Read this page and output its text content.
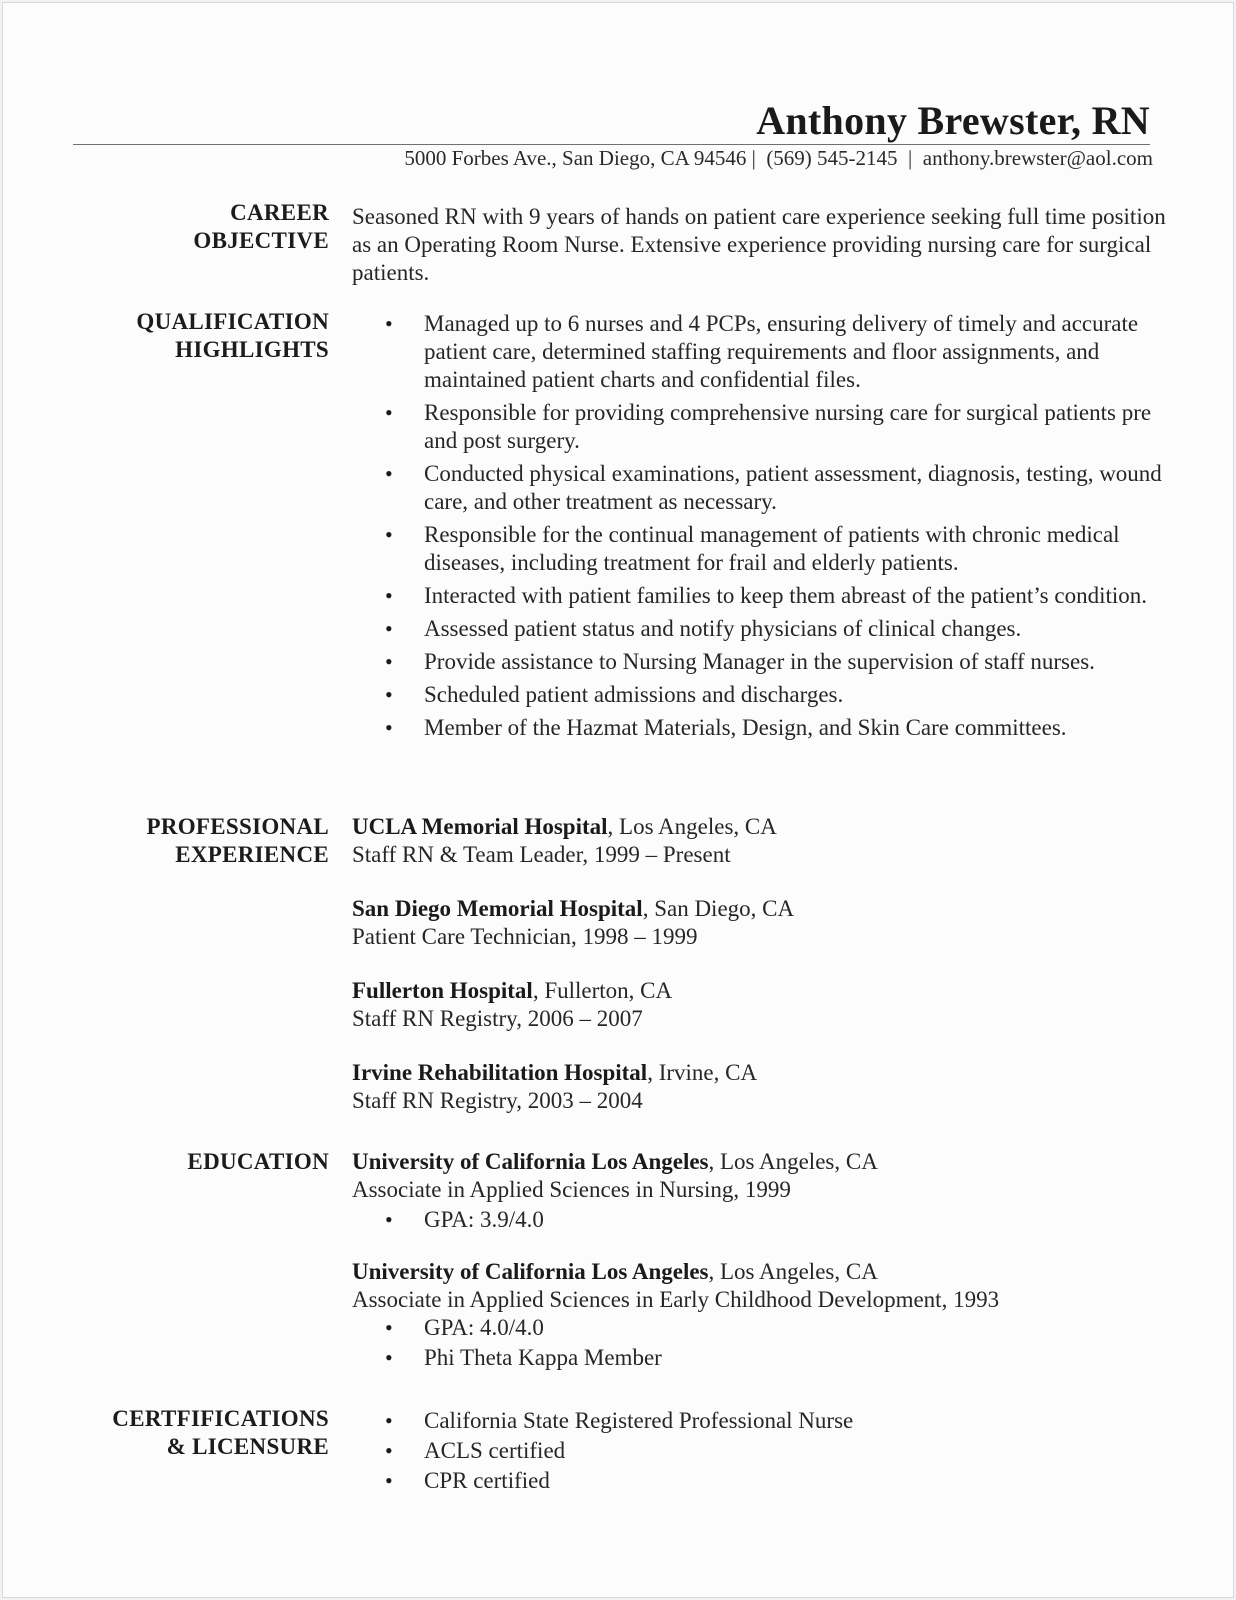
Anthony Brewster, RN
5000 Forbes Ave., San Diego, CA 94546 |  (569) 545-2145  |  anthony.brewster@aol.com
CAREER
OBJECTIVE
Seasoned RN with 9 years of hands on patient care experience seeking full time position as an Operating Room Nurse. Extensive experience providing nursing care for surgical patients.
QUALIFICATION
HIGHLIGHTS
• Managed up to 6 nurses and 4 PCPs, ensuring delivery of timely and accurate patient care, determined staffing requirements and floor assignments, and maintained patient charts and confidential files.
• Responsible for providing comprehensive nursing care for surgical patients pre and post surgery.
• Conducted physical examinations, patient assessment, diagnosis, testing, wound care, and other treatment as necessary.
• Responsible for the continual management of patients with chronic medical diseases, including treatment for frail and elderly patients.
• Interacted with patient families to keep them abreast of the patient’s condition.
• Assessed patient status and notify physicians of clinical changes.
• Provide assistance to Nursing Manager in the supervision of staff nurses.
• Scheduled patient admissions and discharges.
• Member of the Hazmat Materials, Design, and Skin Care committees.
PROFESSIONAL
EXPERIENCE
UCLA Memorial Hospital, Los Angeles, CA
Staff RN & Team Leader, 1999 – Present
San Diego Memorial Hospital, San Diego, CA
Patient Care Technician, 1998 – 1999
Fullerton Hospital, Fullerton, CA
Staff RN Registry, 2006 – 2007
Irvine Rehabilitation Hospital, Irvine, CA
Staff RN Registry, 2003 – 2004
EDUCATION University of California Los Angeles, Los Angeles, CA
Associate in Applied Sciences in Nursing, 1999
• GPA: 3.9/4.0
University of California Los Angeles, Los Angeles, CA
Associate in Applied Sciences in Early Childhood Development, 1993
• GPA: 4.0/4.0
• Phi Theta Kappa Member
CERTFIFICATIONS
& LICENSURE
• California State Registered Professional Nurse
• ACLS certified
• CPR certified
